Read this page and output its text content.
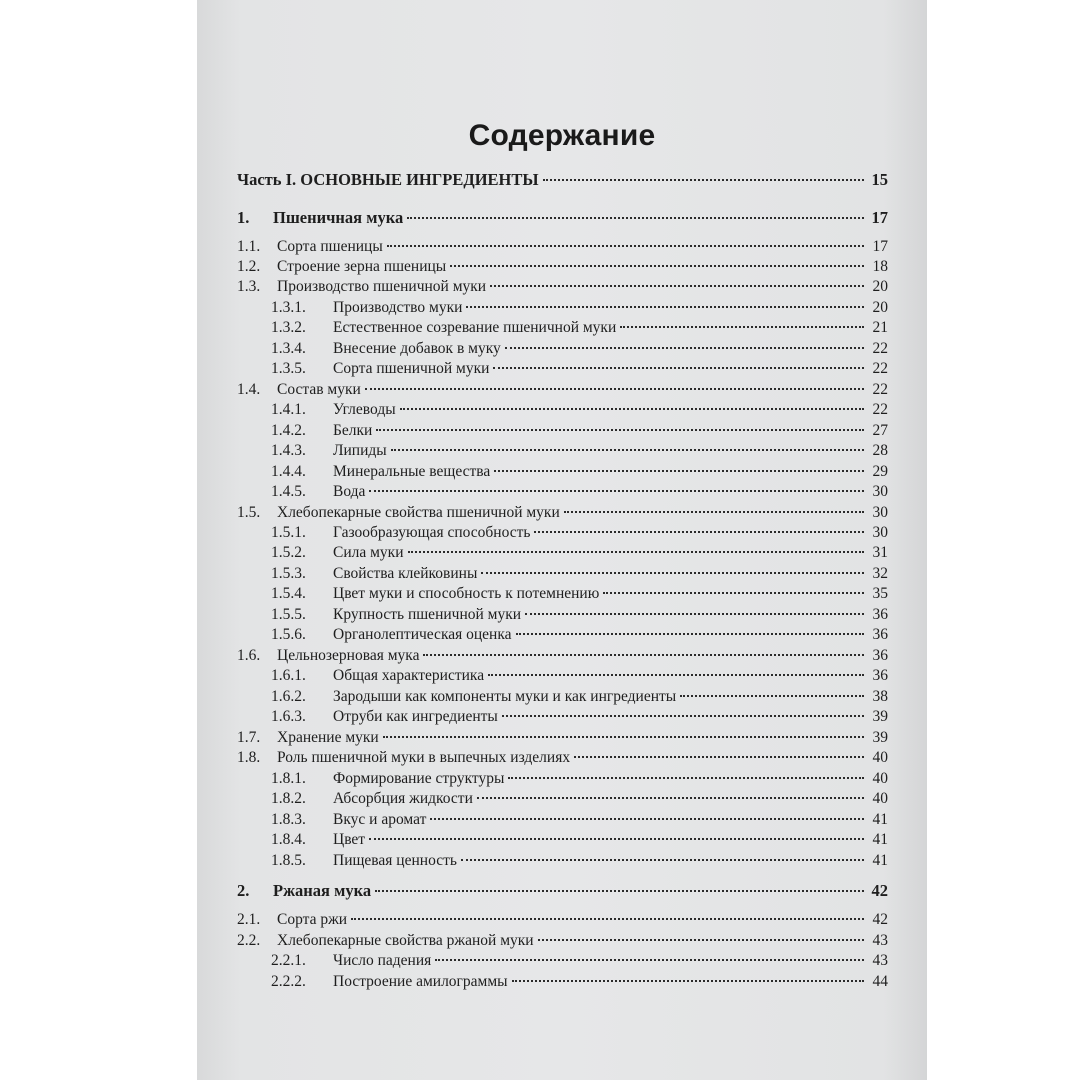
Содержание
Часть I. ОСНОВНЫЕ ИНГРЕДИЕНТЫ	15
1.	Пшеничная мука	17
1.1.	Сорта пшеницы	17
1.2.	Строение зерна пшеницы	18
1.3.	Производство пшеничной муки	20
1.3.1.	Производство муки	20
1.3.2.	Естественное созревание пшеничной муки	21
1.3.4.	Внесение добавок в муку	22
1.3.5.	Сорта пшеничной муки	22
1.4.	Состав муки	22
1.4.1.	Углеводы	22
1.4.2.	Белки	27
1.4.3.	Липиды	28
1.4.4.	Минеральные вещества	29
1.4.5.	Вода	30
1.5.	Хлебопекарные свойства пшеничной муки	30
1.5.1.	Газообразующая способность	30
1.5.2.	Сила муки	31
1.5.3.	Свойства клейковины	32
1.5.4.	Цвет муки и способность к потемнению	35
1.5.5.	Крупность пшеничной муки	36
1.5.6.	Органолептическая оценка	36
1.6.	Цельнозерновая мука	36
1.6.1.	Общая характеристика	36
1.6.2.	Зародыши как компоненты муки и как ингредиенты	38
1.6.3.	Отруби как ингредиенты	39
1.7.	Хранение муки	39
1.8.	Роль пшеничной муки в выпечных изделиях	40
1.8.1.	Формирование структуры	40
1.8.2.	Абсорбция жидкости	40
1.8.3.	Вкус и аромат	41
1.8.4.	Цвет	41
1.8.5.	Пищевая ценность	41
2.	Ржаная мука	42
2.1.	Сорта ржи	42
2.2.	Хлебопекарные свойства ржаной муки	43
2.2.1.	Число падения	43
2.2.2.	Построение амилограммы	44
